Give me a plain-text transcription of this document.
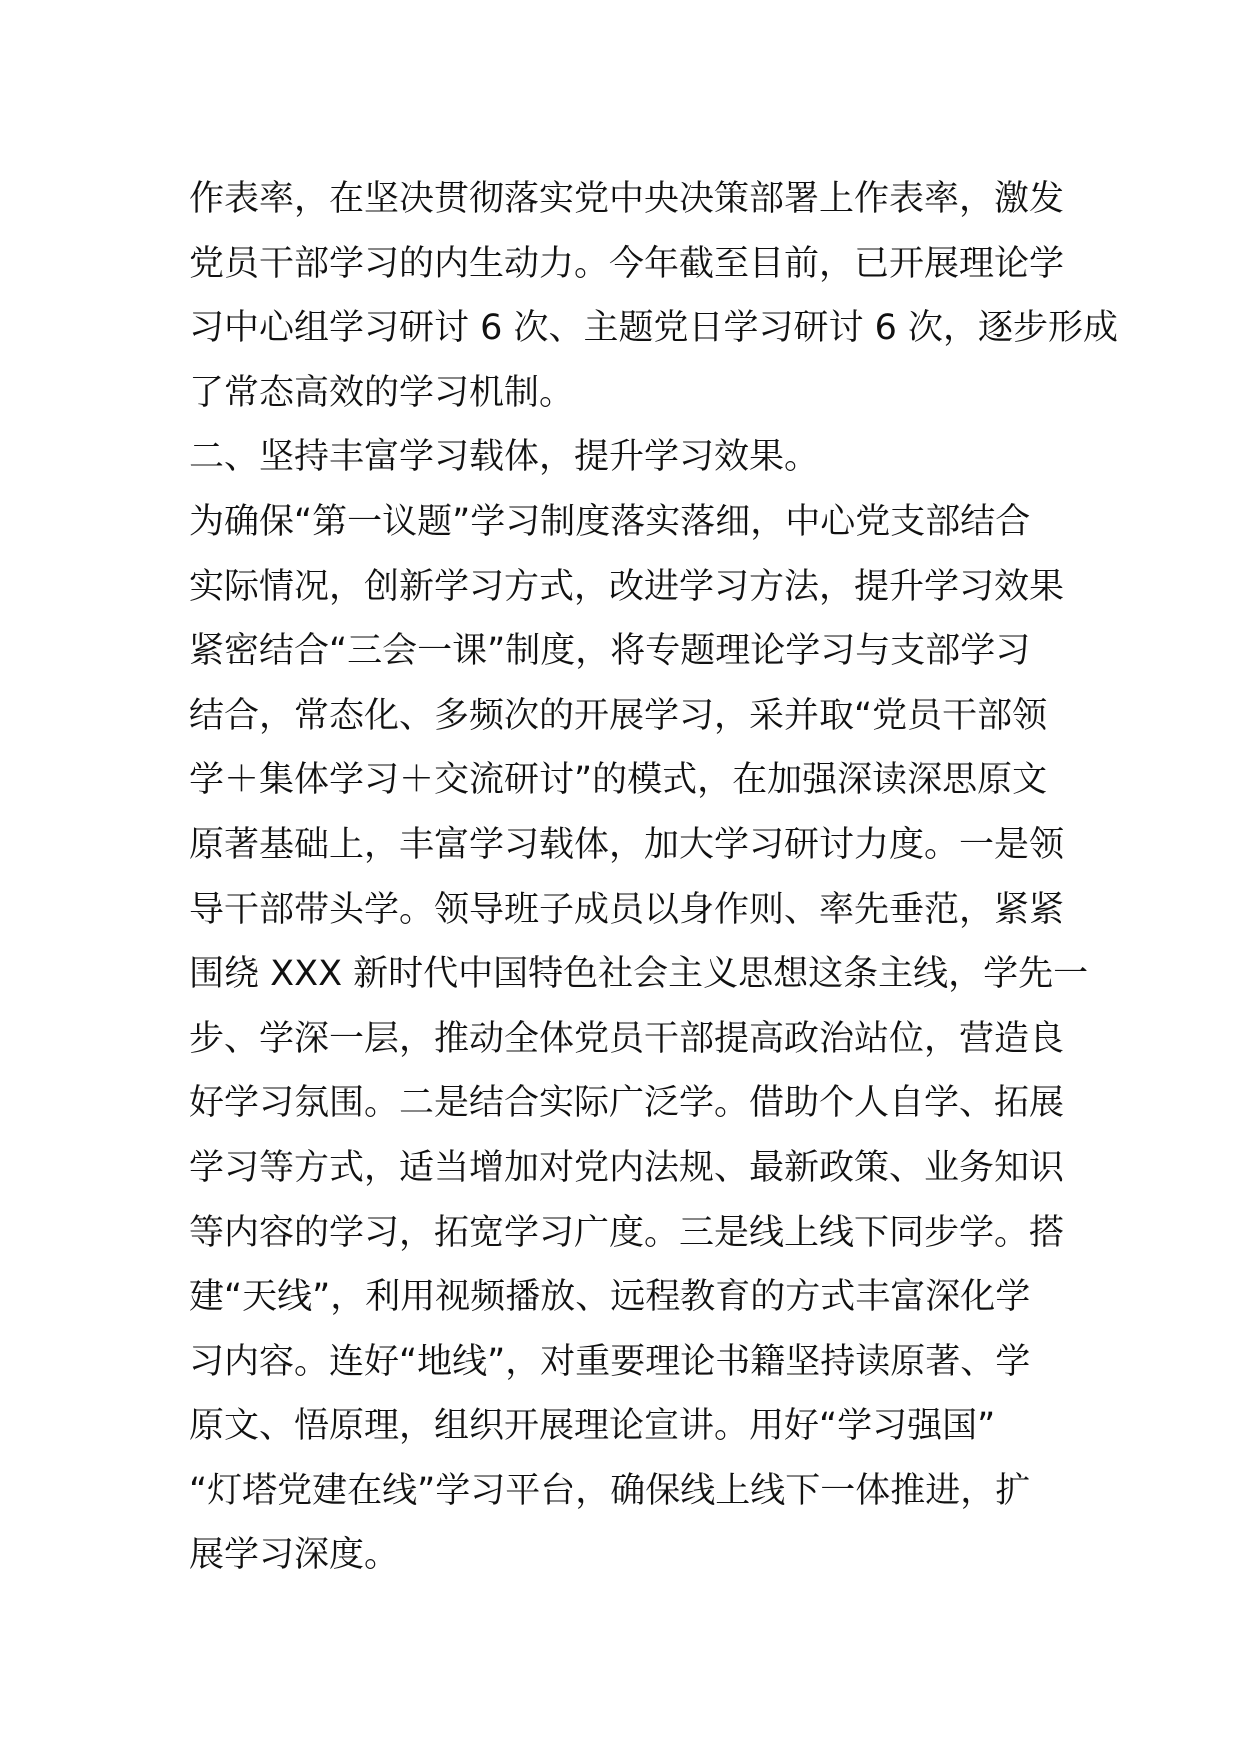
作表率，在坚决贯彻落实党中央决策部署上作表率，激发
党员干部学习的内生动力。今年截至目前，已开展理论学
习中心组学习研讨 6 次、主题党日学习研讨 6 次，逐步形成
了常态高效的学习机制。
二、坚持丰富学习载体，提升学习效果。
为确保“第一议题”学习制度落实落细，中心党支部结合
实际情况，创新学习方式，改进学习方法，提升学习效果
紧密结合“三会一课”制度，将专题理论学习与支部学习
结合，常态化、多频次的开展学习，采并取“党员干部领
学＋集体学习＋交流研讨”的模式，在加强深读深思原文
原著基础上，丰富学习载体，加大学习研讨力度。一是领
导干部带头学。领导班子成员以身作则、率先垂范，紧紧
围绕 XXX 新时代中国特色社会主义思想这条主线，学先一
步、学深一层，推动全体党员干部提高政治站位，营造良
好学习氛围。二是结合实际广泛学。借助个人自学、拓展
学习等方式，适当增加对党内法规、最新政策、业务知识
等内容的学习，拓宽学习广度。三是线上线下同步学。搭
建“天线”，利用视频播放、远程教育的方式丰富深化学
习内容。连好“地线”，对重要理论书籍坚持读原著、学
原文、悟原理，组织开展理论宣讲。用好“学习强国”
“灯塔党建在线”学习平台，确保线上线下一体推进，扩
展学习深度。
